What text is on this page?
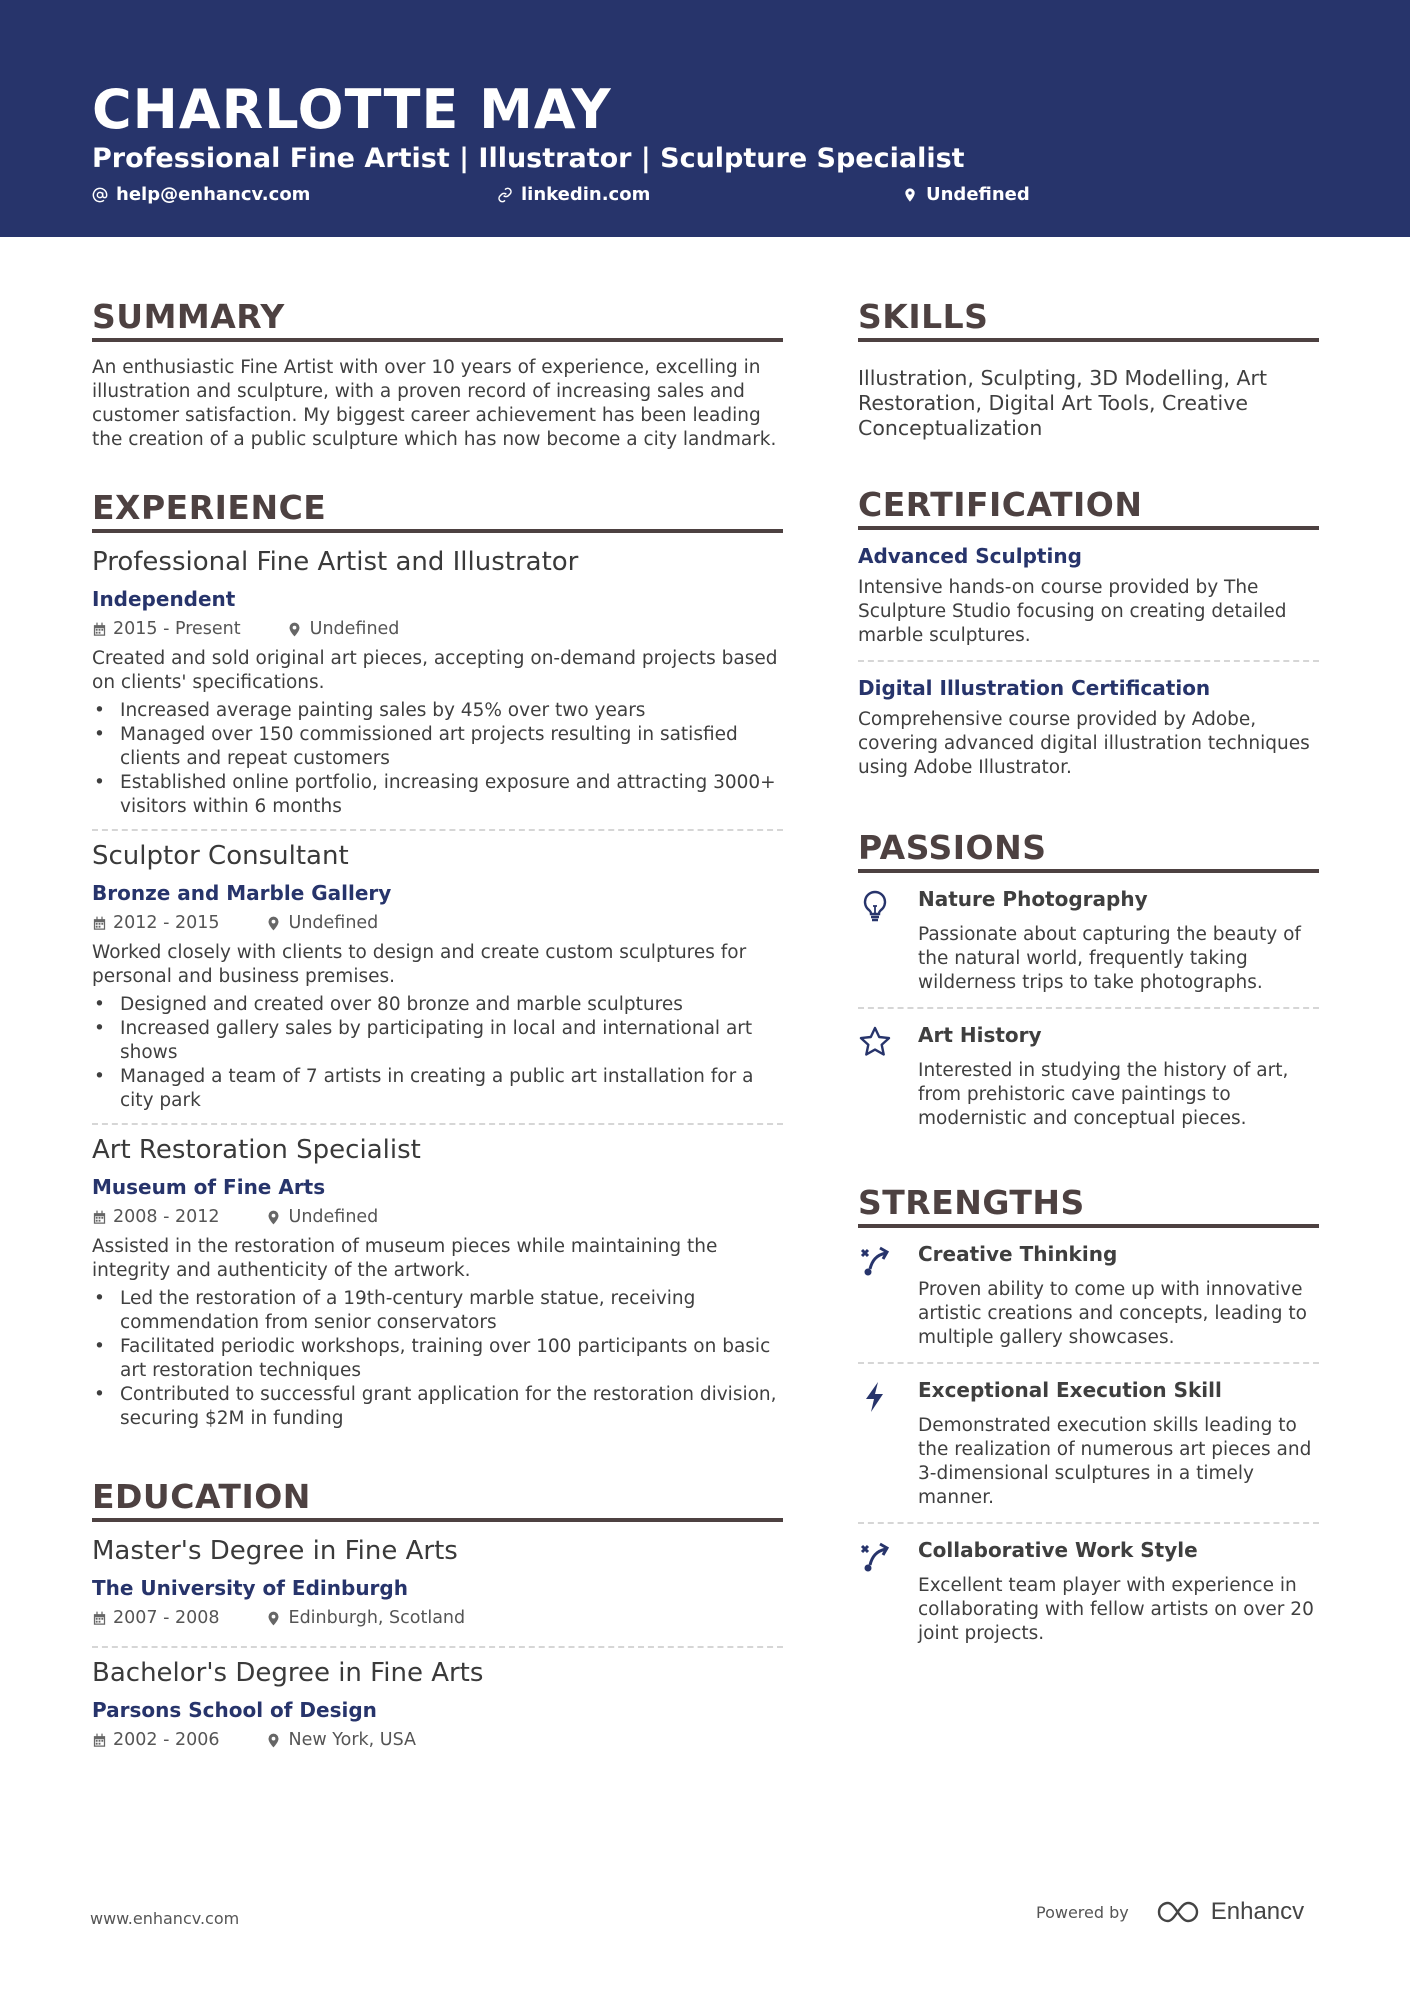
CHARLOTTE MAY
Professional Fine Artist | Illustrator | Sculpture Specialist
help@enhancv.com	linkedin.com	Undefined
SUMMARY

An enthusiastic Fine Artist with over 10 years of experience, excelling in illustration and sculpture, with a proven record of increasing sales and customer satisfaction. My biggest career achievement has been leading the creation of a public sculpture which has now become a city landmark.

EXPERIENCE
Professional Fine Artist and Illustrator
Independent
2015 - Present	Undefined
Created and sold original art pieces, accepting on-demand projects based on clients' specifications.
• Increased average painting sales by 45% over two years
• Managed over 150 commissioned art projects resulting in satisfied clients and repeat customers
• Established online portfolio, increasing exposure and attracting 3000+ visitors within 6 months
Sculptor Consultant
Bronze and Marble Gallery
2012 - 2015	Undefined
Worked closely with clients to design and create custom sculptures for personal and business premises.
• Designed and created over 80 bronze and marble sculptures
• Increased gallery sales by participating in local and international art shows
• Managed a team of 7 artists in creating a public art installation for a city park
Art Restoration Specialist
Museum of Fine Arts
2008 - 2012	Undefined
Assisted in the restoration of museum pieces while maintaining the integrity and authenticity of the artwork.
• Led the restoration of a 19th-century marble statue, receiving commendation from senior conservators
• Facilitated periodic workshops, training over 100 participants on basic art restoration techniques
• Contributed to successful grant application for the restoration division, securing $2M in funding
EDUCATION
Master's Degree in Fine Arts
The University of Edinburgh
2007 - 2008	Edinburgh, Scotland
Bachelor's Degree in Fine Arts
Parsons School of Design
2002 - 2006	New York, USA
SKILLS

Illustration, Sculpting, 3D Modelling, Art Restoration, Digital Art Tools, Creative Conceptualization

CERTIFICATION
Advanced Sculpting

Intensive hands-on course provided by The Sculpture Studio focusing on creating detailed marble sculptures.

Digital Illustration Certification

Comprehensive course provided by Adobe, covering advanced digital illustration techniques using Adobe Illustrator.

PASSIONS
Nature Photography

Passionate about capturing the beauty of the natural world, frequently taking wilderness trips to take photographs.

Art History

Interested in studying the history of art, from prehistoric cave paintings to modernistic and conceptual pieces.

STRENGTHS
Creative Thinking

Proven ability to come up with innovative artistic creations and concepts, leading to multiple gallery showcases.

Exceptional Execution Skill

Demonstrated execution skills leading to the realization of numerous art pieces and 3-dimensional sculptures in a timely manner.

Collaborative Work Style

Excellent team player with experience in collaborating with fellow artists on over 20 joint projects.

www.enhancv.com	Powered by	Enhancv
